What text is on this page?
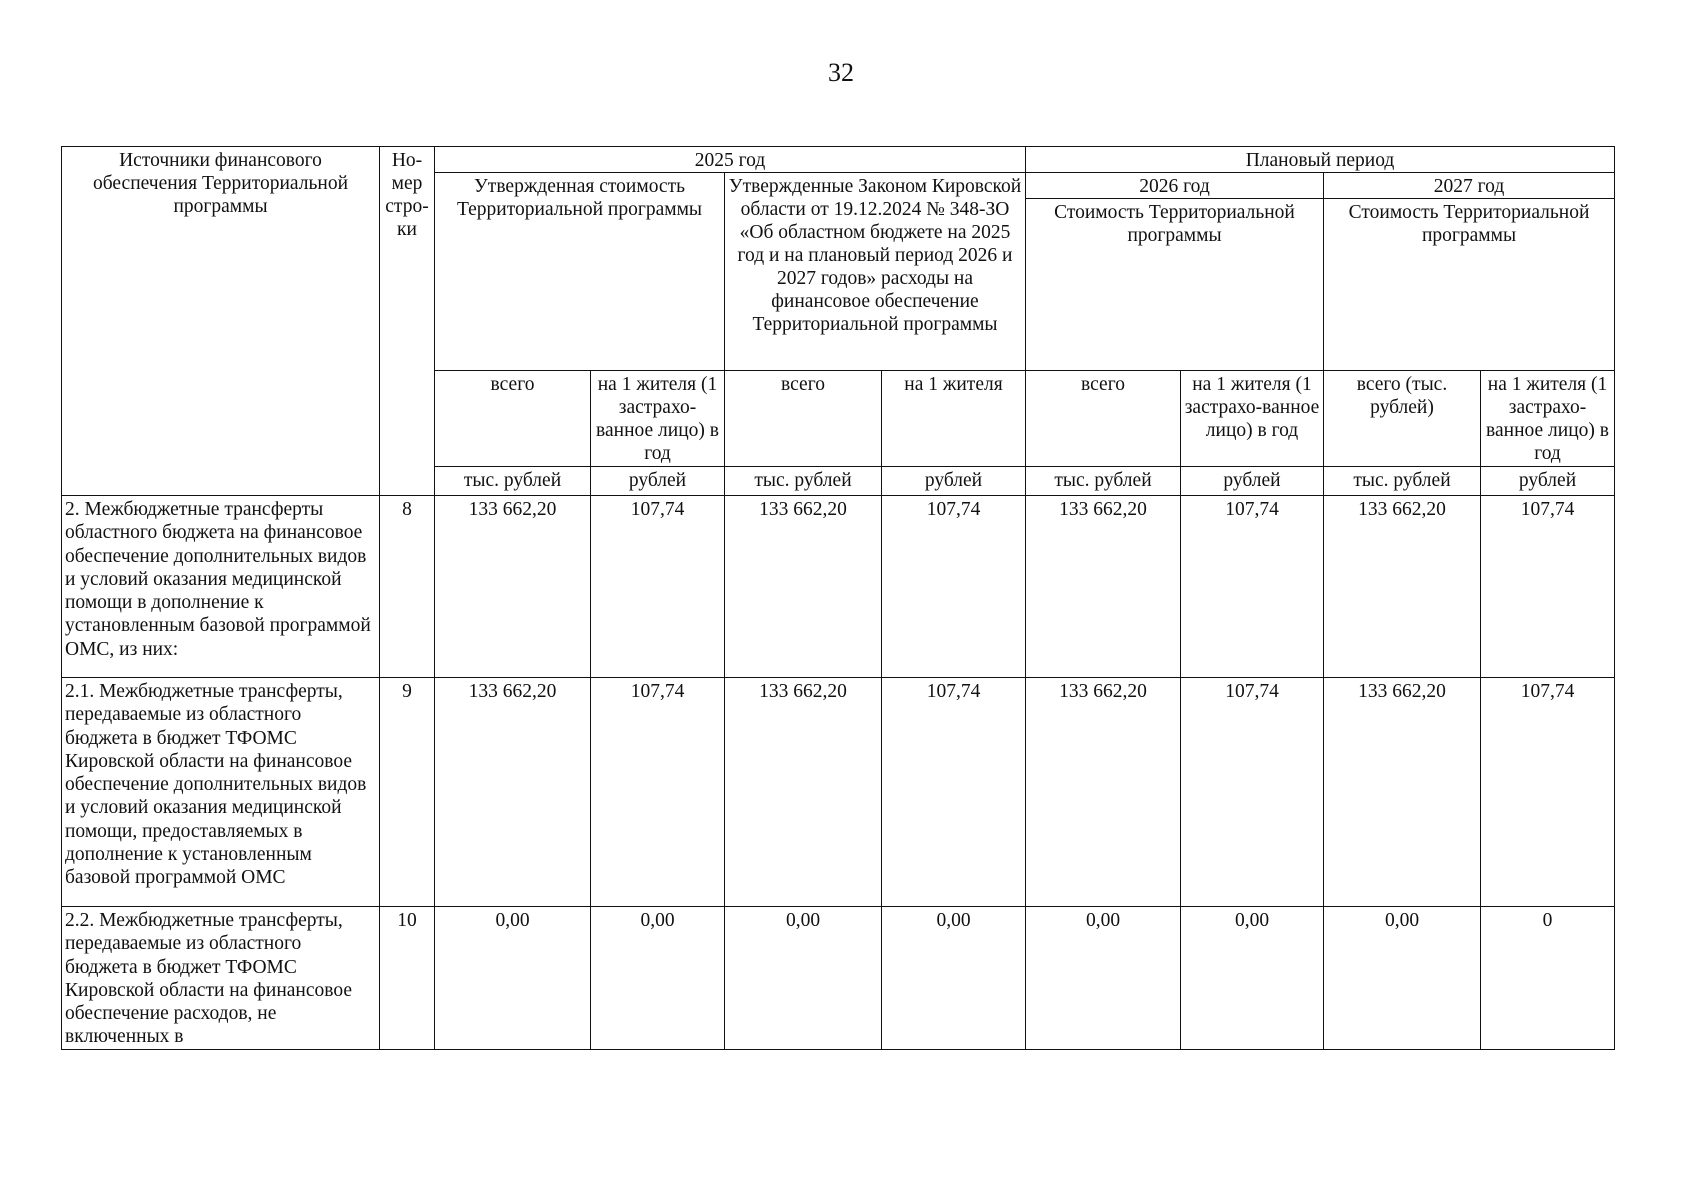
32
Источники финансового обеспечения Территориальной программы	Но-мер стро-ки	2025 год				Плановый период			
		Утвержденная стоимость Территориальной программы		Утвержденные Законом Кировской области от 19.12.2024 № 348-ЗО «Об областном бюджете на 2025 год и на плановый период 2026 и 2027 годов» расходы на финансовое обеспечение Территориальной программы		2026 год		2027 год	
						Стоимость Территориальной программы		Стоимость Территориальной программы	
		всего	на 1 жителя (1 застрахо-ванное лицо) в год	всего	на 1 жителя	всего	на 1 жителя (1 застрахо-ванное лицо) в год	всего (тыс. рублей)	на 1 жителя (1 застрахо-ванное лицо) в год
		тыс. рублей	рублей	тыс. рублей	рублей	тыс. рублей	рублей	тыс. рублей	рублей
2. Межбюджетные трансферты областного бюджета на финансовое обеспечение дополнительных видов и условий оказания медицинской помощи в дополнение к установленным базовой программой ОМС, из них:	8	133 662,20	107,74	133 662,20	107,74	133 662,20	107,74	133 662,20	107,74
2.1. Межбюджетные трансферты, передаваемые из областного бюджета в бюджет ТФОМС Кировской области на финансовое обеспечение дополнительных видов и условий оказания медицинской помощи, предоставляемых в дополнение к установленным базовой программой ОМС	9	133 662,20	107,74	133 662,20	107,74	133 662,20	107,74	133 662,20	107,74
2.2. Межбюджетные трансферты, передаваемые из областного бюджета в бюджет ТФОМС Кировской области на финансовое обеспечение расходов, не включенных в	10	0,00	0,00	0,00	0,00	0,00	0,00	0,00	0
